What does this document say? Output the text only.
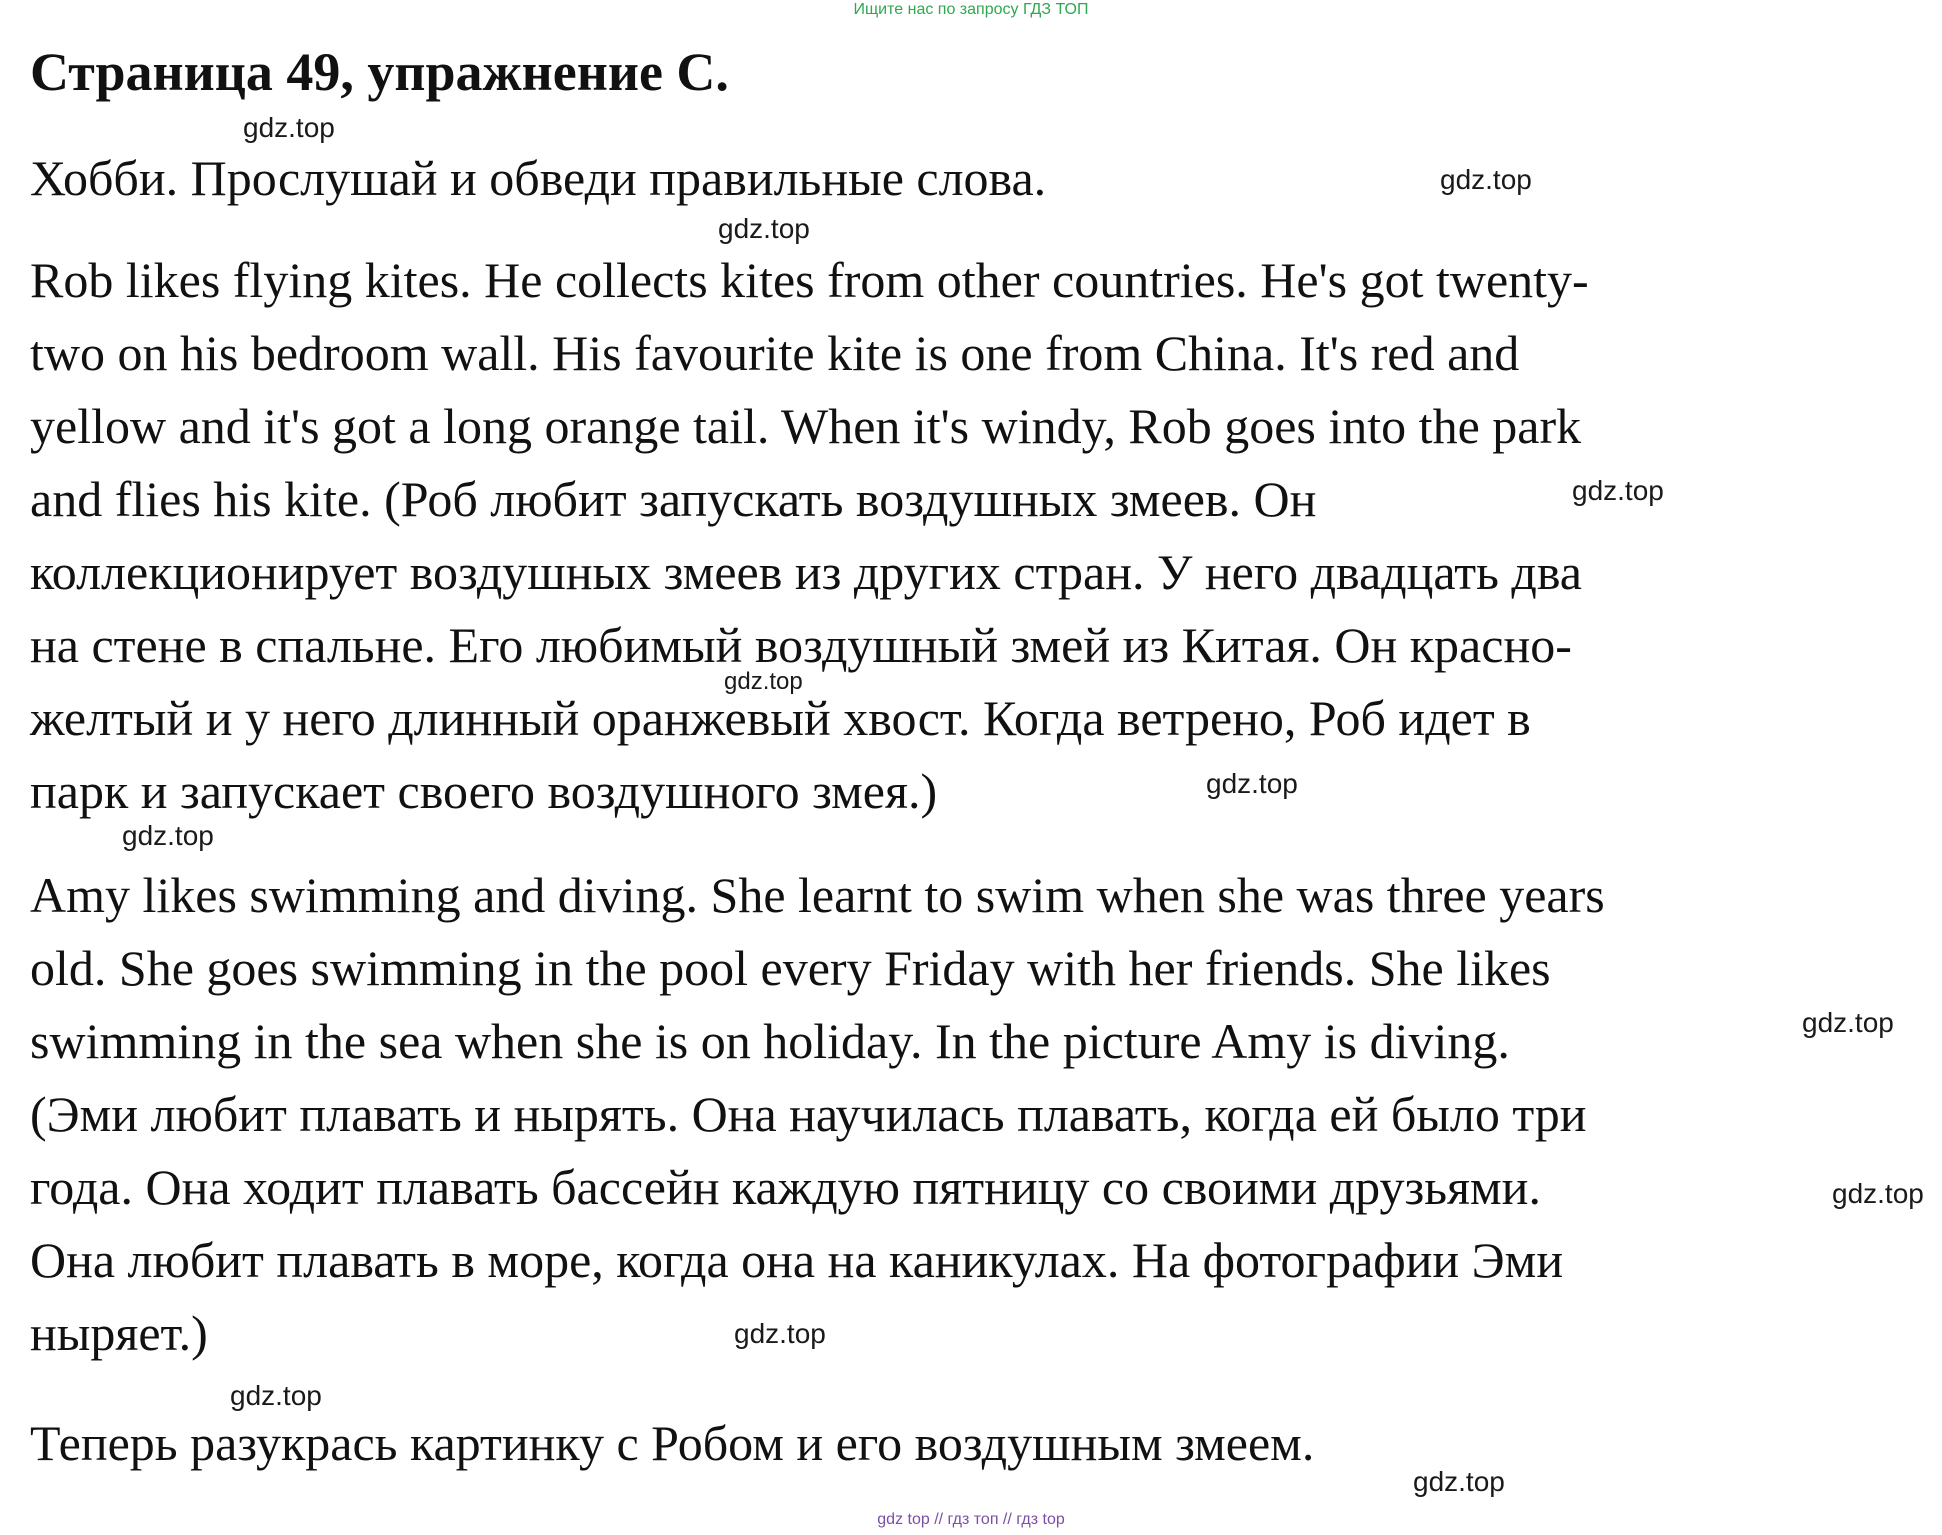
Ищите нас по запросу ГДЗ ТОП
Страница 49, упражнение C.
gdz.top
Хобби. Прослушай и обведи правильные слова.	gdz.top
gdz.top
Rob likes flying kites. He collects kites from other countries. He's got twenty-
two on his bedroom wall. His favourite kite is one from China. It's red and
yellow and it's got a long orange tail. When it's windy, Rob goes into the park
and flies his kite. (Роб любит запускать воздушных змеев. Он
коллекционирует воздушных змеев из других стран. У него двадцать два
на стене в спальне. Его любимый воздушный змей из Китая. Он красно-
желтый и у него длинный оранжевый хвост. Когда ветрено, Роб идет в
парк и запускает своего воздушного змея.)
gdz.top
gdz.top
gdz.top
gdz.top
Amy likes swimming and diving. She learnt to swim when she was three years
old. She goes swimming in the pool every Friday with her friends. She likes
swimming in the sea when she is on holiday. In the picture Amy is diving.
(Эми любит плавать и нырять. Она научилась плавать, когда ей было три
года. Она ходит плавать бассейн каждую пятницу со своими друзьями.
Она любит плавать в море, когда она на каникулах. На фотографии Эми
ныряет.)
gdz.top
gdz.top
gdz.top
gdz.top
Теперь разукрась картинку с Робом и его воздушным змеем.
gdz.top
gdz top // гдз топ // гдз top
